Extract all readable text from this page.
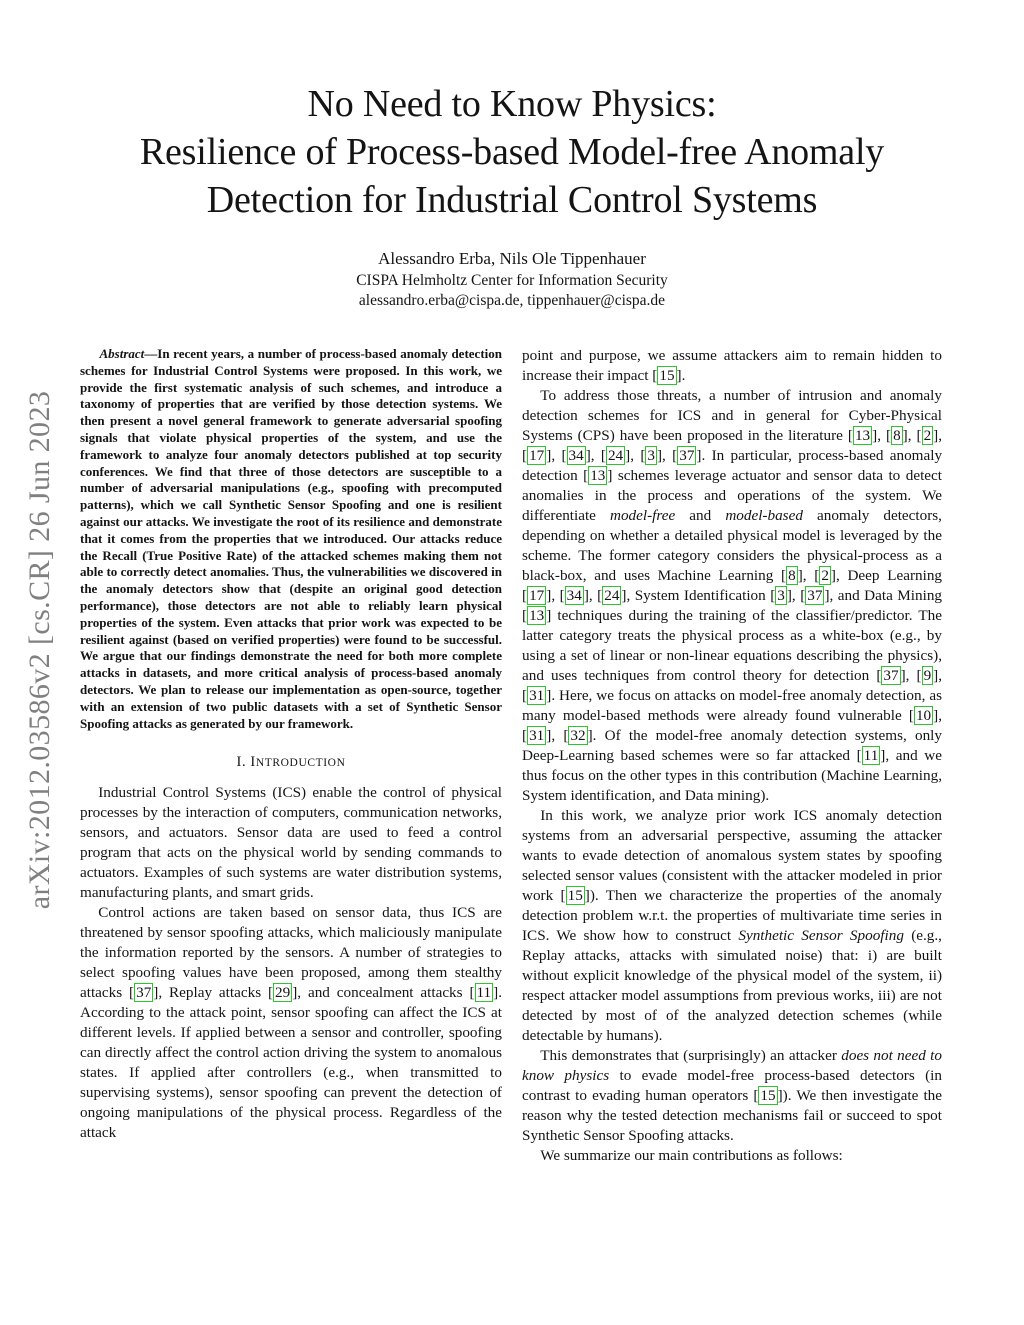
No Need to Know Physics:
Resilience of Process-based Model-free Anomaly
Detection for Industrial Control Systems
Alessandro Erba, Nils Ole Tippenhauer
CISPA Helmholtz Center for Information Security
alessandro.erba@cispa.de, tippenhauer@cispa.de
arXiv:2012.03586v2 [cs.CR] 26 Jun 2023

Abstract—In recent years, a number of process-based anomaly detection schemes for Industrial Control Systems were proposed. In this work, we provide the first systematic analysis of such schemes, and introduce a taxonomy of properties that are verified by those detection systems. We then present a novel general framework to generate adversarial spoofing signals that violate physical properties of the system, and use the framework to analyze four anomaly detectors published at top security conferences. We find that three of those detectors are susceptible to a number of adversarial manipulations (e.g., spoofing with precomputed patterns), which we call Synthetic Sensor Spoofing and one is resilient against our attacks. We investigate the root of its resilience and demonstrate that it comes from the properties that we introduced. Our attacks reduce the Recall (True Positive Rate) of the attacked schemes making them not able to correctly detect anomalies. Thus, the vulnerabilities we discovered in the anomaly detectors show that (despite an original good detection performance), those detectors are not able to reliably learn physical properties of the system. Even attacks that prior work was expected to be resilient against (based on verified properties) were found to be successful. We argue that our findings demonstrate the need for both more complete attacks in datasets, and more critical analysis of process-based anomaly detectors. We plan to release our implementation as open-source, together with an extension of two public datasets with a set of Synthetic Sensor Spoofing attacks as generated by our framework.

I. INTRODUCTION

Industrial Control Systems (ICS) enable the control of physical processes by the interaction of computers, communication networks, sensors, and actuators. Sensor data are used to feed a control program that acts on the physical world by sending commands to actuators. Examples of such systems are water distribution systems, manufacturing plants, and smart grids.

Control actions are taken based on sensor data, thus ICS are threatened by sensor spoofing attacks, which maliciously manipulate the information reported by the sensors. A number of strategies to select spoofing values have been proposed, among them stealthy attacks [ 37 ], Replay attacks [ 29 ], and concealment attacks [ 11 ]. According to the attack point, sensor spoofing can affect the ICS at different levels. If applied between a sensor and controller, spoofing can directly affect the control action driving the system to anomalous states. If applied after controllers (e.g., when transmitted to supervising systems), sensor spoofing can prevent the detection of ongoing manipulations of the physical process. Regardless of the attack

point and purpose, we assume attackers aim to remain hidden to increase their impact [ 15 ].

To address those threats, a number of intrusion and anomaly detection schemes for ICS and in general for Cyber-Physical Systems (CPS) have been proposed in the literature [ 13 ], [ 8 ], [ 2 ], [ 17 ], [ 34 ], [ 24 ], [ 3 ], [ 37 ]. In particular, process-based anomaly detection [ 13 ] schemes leverage actuator and sensor data to detect anomalies in the process and operations of the system. We differentiate model-free and model-based anomaly detectors, depending on whether a detailed physical model is leveraged by the scheme. The former category considers the physical-process as a black-box, and uses Machine Learning [ 8 ], [ 2 ], Deep Learning [ 17 ], [ 34 ], [ 24 ], System Identification [ 3 ], [ 37 ], and Data Mining [ 13 ] techniques during the training of the classifier/predictor. The latter category treats the physical process as a white-box (e.g., by using a set of linear or non-linear equations describing the physics), and uses techniques from control theory for detection [ 37 ], [ 9 ], [ 31 ]. Here, we focus on attacks on model-free anomaly detection, as many model-based methods were already found vulnerable [ 10 ], [ 31 ], [ 32 ]. Of the model-free anomaly detection systems, only Deep-Learning based schemes were so far attacked [ 11 ], and we thus focus on the other types in this contribution (Machine Learning, System identification, and Data mining).

In this work, we analyze prior work ICS anomaly detection systems from an adversarial perspective, assuming the attacker wants to evade detection of anomalous system states by spoofing selected sensor values (consistent with the attacker modeled in prior work [ 15 ]). Then we characterize the properties of the anomaly detection problem w.r.t. the properties of multivariate time series in ICS. We show how to construct Synthetic Sensor Spoofing (e.g., Replay attacks, attacks with simulated noise) that: i) are built without explicit knowledge of the physical model of the system, ii) respect attacker model assumptions from previous works, iii) are not detected by most of of the analyzed detection schemes (while detectable by humans).

This demonstrates that (surprisingly) an attacker does not need to know physics to evade model-free process-based detectors (in contrast to evading human operators [ 15 ]). We then investigate the reason why the tested detection mechanisms fail or succeed to spot Synthetic Sensor Spoofing attacks.

We summarize our main contributions as follows:
